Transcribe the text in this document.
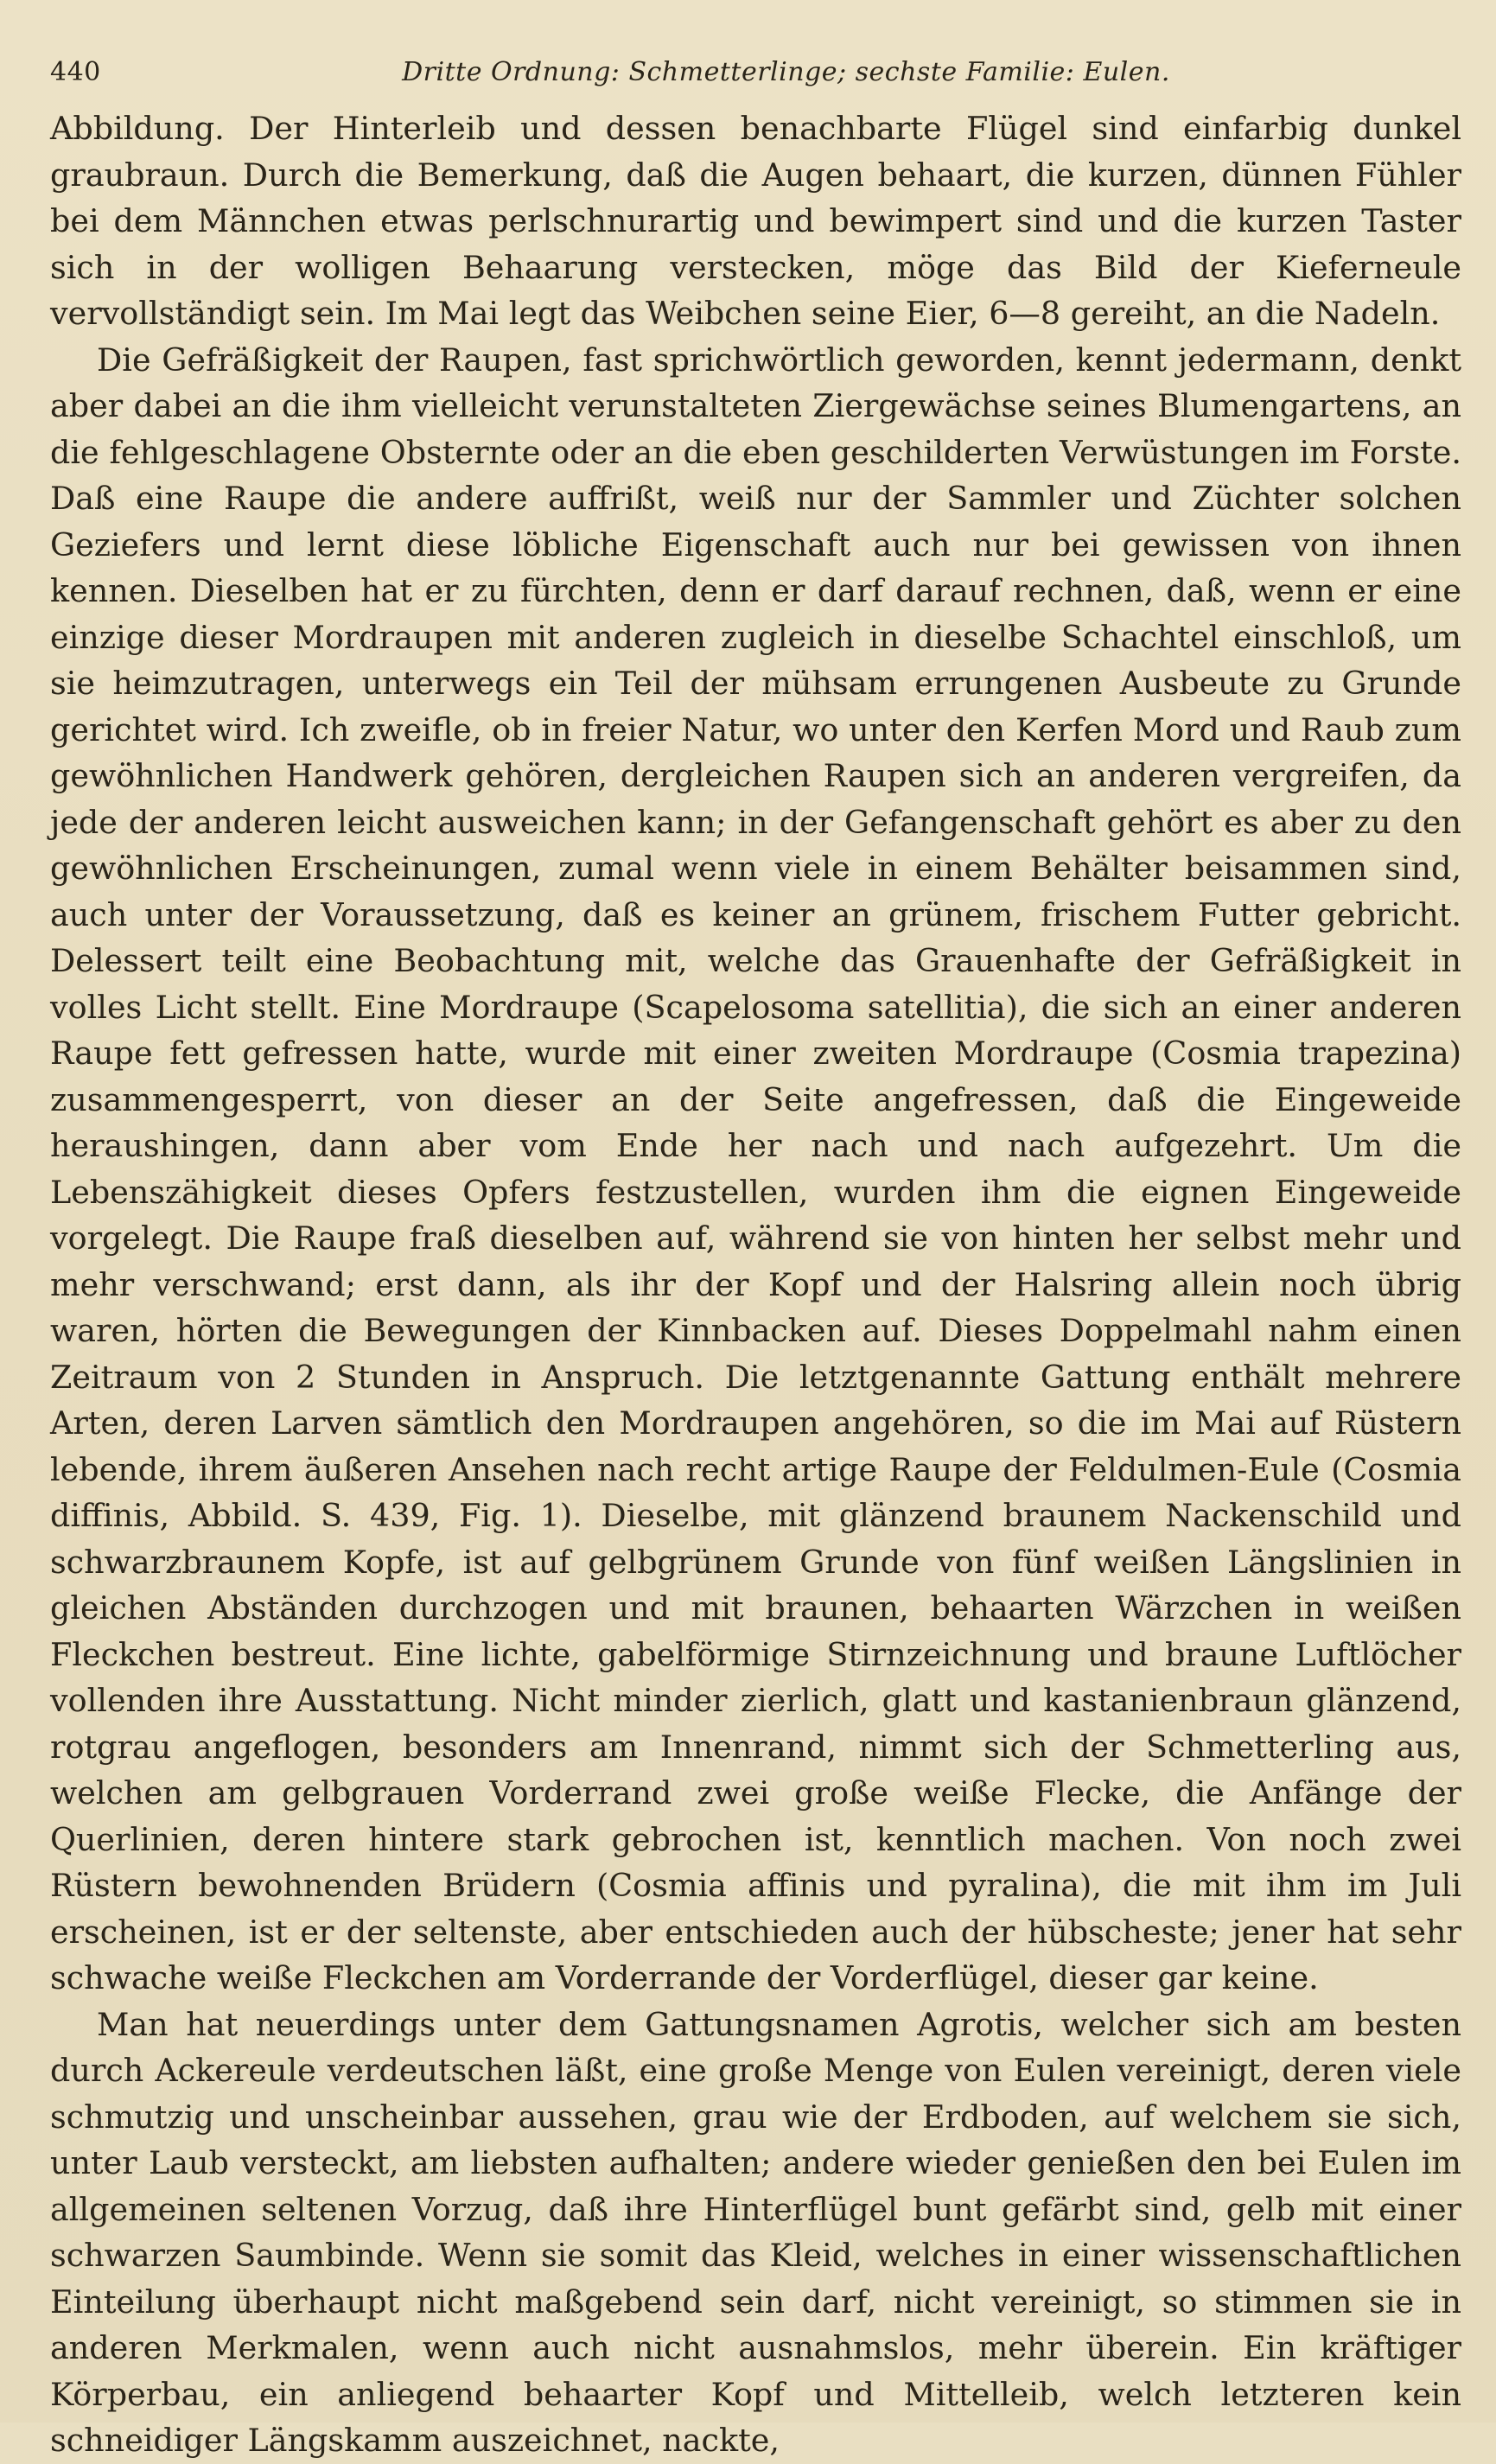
440	Dritte Ordnung: Schmetterlinge; sechste Familie: Eulen.

Abbildung. Der Hinterleib und dessen benachbarte Flügel sind einfarbig dunkel graubraun. Durch die Bemerkung, daß die Augen behaart, die kurzen, dünnen Fühler bei dem Männchen etwas perlschnurartig und bewimpert sind und die kurzen Taster sich in der wolligen Behaarung verstecken, möge das Bild der Kieferneule vervollständigt sein. Im Mai legt das Weibchen seine Eier, 6—8 gereiht, an die Nadeln.

Die Gefräßigkeit der Raupen, fast sprichwörtlich geworden, kennt jedermann, denkt aber dabei an die ihm vielleicht verunstalteten Ziergewächse seines Blumengartens, an die fehlgeschlagene Obsternte oder an die eben geschilderten Verwüstungen im Forste. Daß eine Raupe die andere auffrißt, weiß nur der Sammler und Züchter solchen Geziefers und lernt diese löbliche Eigenschaft auch nur bei gewissen von ihnen kennen. Dieselben hat er zu fürchten, denn er darf darauf rechnen, daß, wenn er eine einzige dieser Mordraupen mit anderen zugleich in dieselbe Schachtel einschloß, um sie heimzutragen, unterwegs ein Teil der mühsam errungenen Ausbeute zu Grunde gerichtet wird. Ich zweifle, ob in freier Natur, wo unter den Kerfen Mord und Raub zum gewöhnlichen Handwerk gehören, dergleichen Raupen sich an anderen vergreifen, da jede der anderen leicht ausweichen kann; in der Gefangenschaft gehört es aber zu den gewöhnlichen Erscheinungen, zumal wenn viele in einem Behälter beisammen sind, auch unter der Voraussetzung, daß es keiner an grünem, frischem Futter gebricht. Delessert teilt eine Beobachtung mit, welche das Grauenhafte der Gefräßigkeit in volles Licht stellt. Eine Mordraupe (Scapelosoma satellitia), die sich an einer anderen Raupe fett gefressen hatte, wurde mit einer zweiten Mordraupe (Cosmia trapezina) zusammengesperrt, von dieser an der Seite angefressen, daß die Eingeweide heraushingen, dann aber vom Ende her nach und nach aufgezehrt. Um die Lebenszähigkeit dieses Opfers festzustellen, wurden ihm die eignen Eingeweide vorgelegt. Die Raupe fraß dieselben auf, während sie von hinten her selbst mehr und mehr verschwand; erst dann, als ihr der Kopf und der Halsring allein noch übrig waren, hörten die Bewegungen der Kinnbacken auf. Dieses Doppelmahl nahm einen Zeitraum von 2 Stunden in Anspruch. Die letztgenannte Gattung enthält mehrere Arten, deren Larven sämtlich den Mordraupen angehören, so die im Mai auf Rüstern lebende, ihrem äußeren Ansehen nach recht artige Raupe der Feldulmen-Eule (Cosmia diffinis, Abbild. S. 439, Fig. 1). Dieselbe, mit glänzend braunem Nackenschild und schwarzbraunem Kopfe, ist auf gelbgrünem Grunde von fünf weißen Längslinien in gleichen Abständen durchzogen und mit braunen, behaarten Wärzchen in weißen Fleckchen bestreut. Eine lichte, gabelförmige Stirnzeichnung und braune Luftlöcher vollenden ihre Ausstattung. Nicht minder zierlich, glatt und kastanienbraun glänzend, rotgrau angeflogen, besonders am Innenrand, nimmt sich der Schmetterling aus, welchen am gelbgrauen Vorderrand zwei große weiße Flecke, die Anfänge der Querlinien, deren hintere stark gebrochen ist, kenntlich machen. Von noch zwei Rüstern bewohnenden Brüdern (Cosmia affinis und pyralina), die mit ihm im Juli erscheinen, ist er der seltenste, aber entschieden auch der hübscheste; jener hat sehr schwache weiße Fleckchen am Vorderrande der Vorderflügel, dieser gar keine.

Man hat neuerdings unter dem Gattungsnamen Agrotis, welcher sich am besten durch Ackereule verdeutschen läßt, eine große Menge von Eulen vereinigt, deren viele schmutzig und unscheinbar aussehen, grau wie der Erdboden, auf welchem sie sich, unter Laub versteckt, am liebsten aufhalten; andere wieder genießen den bei Eulen im allgemeinen seltenen Vorzug, daß ihre Hinterflügel bunt gefärbt sind, gelb mit einer schwarzen Saumbinde. Wenn sie somit das Kleid, welches in einer wissenschaftlichen Einteilung überhaupt nicht maßgebend sein darf, nicht vereinigt, so stimmen sie in anderen Merkmalen, wenn auch nicht ausnahmslos, mehr überein. Ein kräftiger Körperbau, ein anliegend behaarter Kopf und Mittelleib, welch letzteren kein schneidiger Längskamm auszeichnet, nackte,
